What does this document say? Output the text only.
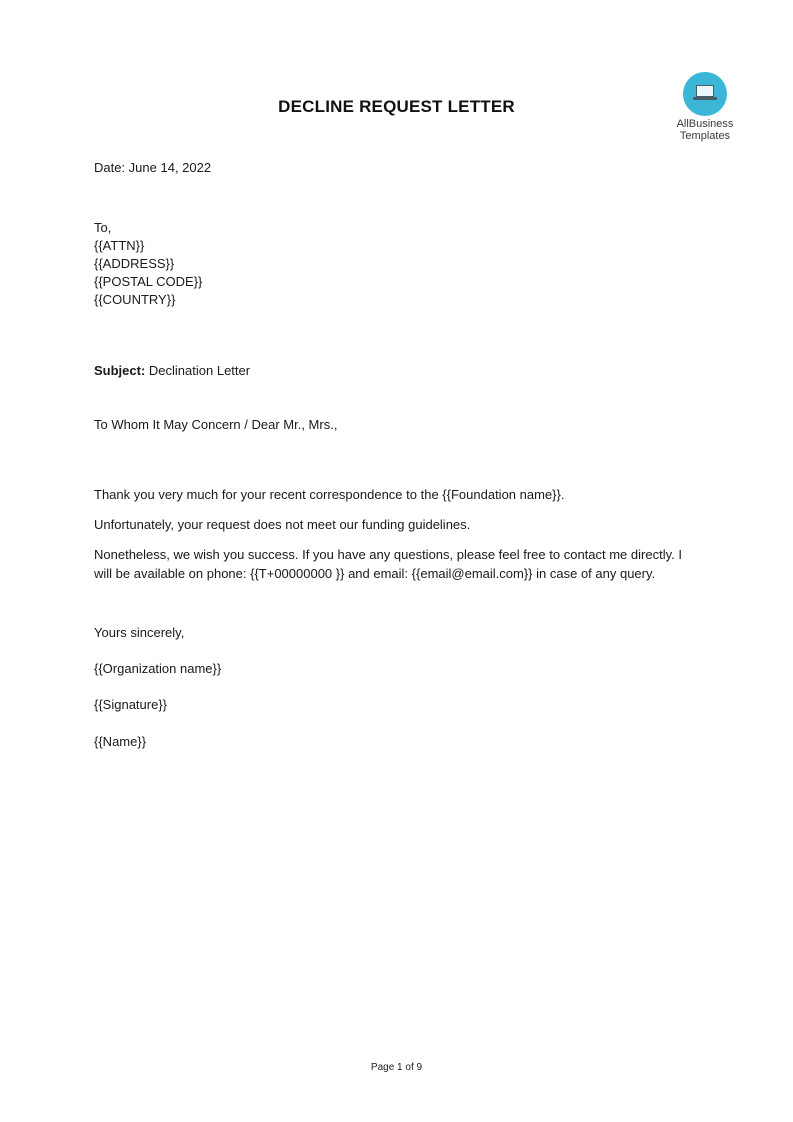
AllBusiness
Templates
DECLINE REQUEST LETTER
Date: June 14, 2022
To,
{{ATTN}}
{{ADDRESS}}
{{POSTAL CODE}}
{{COUNTRY}}
Subject: Declination Letter
To Whom It May Concern / Dear Mr., Mrs.,
Thank you very much for your recent correspondence to the {{Foundation name}}.
Unfortunately, your request does not meet our funding guidelines.
Nonetheless, we wish you success. If you have any questions, please feel free to contact me directly. I will be available on phone: {{T+00000000 }} and email: {{email@email.com}} in case of any query.
Yours sincerely,
{{Organization name}}
{{Signature}}
{{Name}}
Page 1 of 9
